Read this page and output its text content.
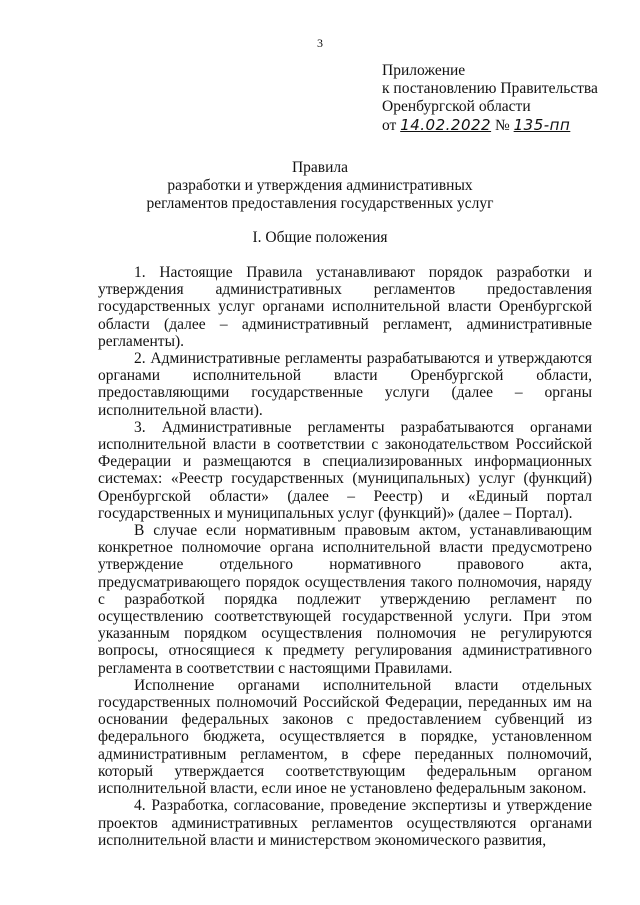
3
Приложение
к постановлению Правительства
Оренбургской области
от 14.02.2022 № 135-пп
Правила
разработки и утверждения административных
регламентов предоставления государственных услуг
I. Общие положения

1. Настоящие Правила устанавливают порядок разработки и утверждения административных регламентов предоставления государственных услуг органами исполнительной власти Оренбургской области (далее – административный регламент, административные регламенты).

2. Административные регламенты разрабатываются и утверждаются органами исполнительной власти Оренбургской области, предоставляющими государственные услуги (далее – органы исполнительной власти).

3. Административные регламенты разрабатываются органами исполнительной власти в соответствии с законодательством Российской Федерации и размещаются в специализированных информационных системах: «Реестр государственных (муниципальных) услуг (функций) Оренбургской области» (далее – Реестр) и «Единый портал государственных и муниципальных услуг (функций)» (далее – Портал).

В случае если нормативным правовым актом, устанавливающим конкретное полномочие органа исполнительной власти предусмотрено утверждение отдельного нормативного правового акта, предусматривающего порядок осуществления такого полномочия, наряду с разработкой порядка подлежит утверждению регламент по осуществлению соответствующей государственной услуги. При этом указанным порядком осуществления полномочия не регулируются вопросы, относящиеся к предмету регулирования административного регламента в соответствии с настоящими Правилами.

Исполнение органами исполнительной власти отдельных государственных полномочий Российской Федерации, переданных им на основании федеральных законов с предоставлением субвенций из федерального бюджета, осуществляется в порядке, установленном административным регламентом, в сфере переданных полномочий, который утверждается соответствующим федеральным органом исполнительной власти, если иное не установлено федеральным законом.

4. Разработка, согласование, проведение экспертизы и утверждение проектов административных регламентов осуществляются органами исполнительной власти и министерством экономического развития,
